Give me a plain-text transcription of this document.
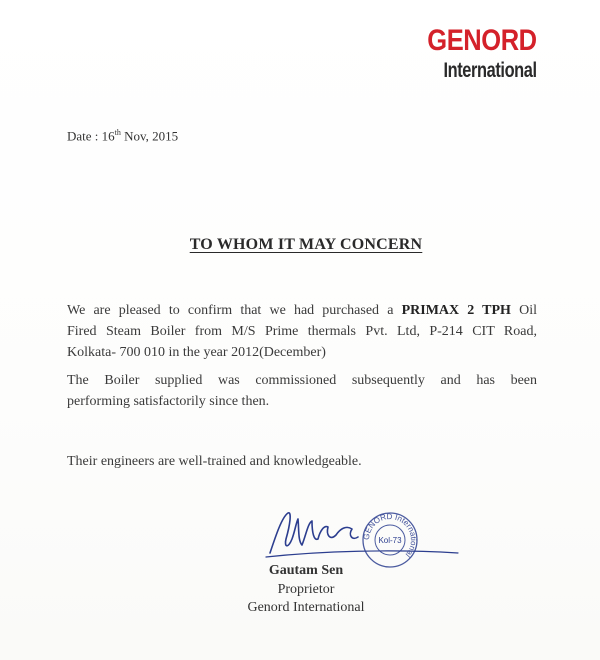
GENORD
International
Date : 16th Nov, 2015
TO WHOM IT MAY CONCERN
We are pleased to confirm that we had purchased a PRIMAX 2 TPH Oil
Fired Steam Boiler from M/S Prime thermals Pvt. Ltd, P-214 CIT Road,
Kolkata- 700 010 in the year 2012(December)
The Boiler supplied was commissioned subsequently and has been
performing satisfactorily since then.
Their engineers are well-trained and knowledgeable.
GENORD International
Kol-73
Gautam Sen
Proprietor
Genord International
